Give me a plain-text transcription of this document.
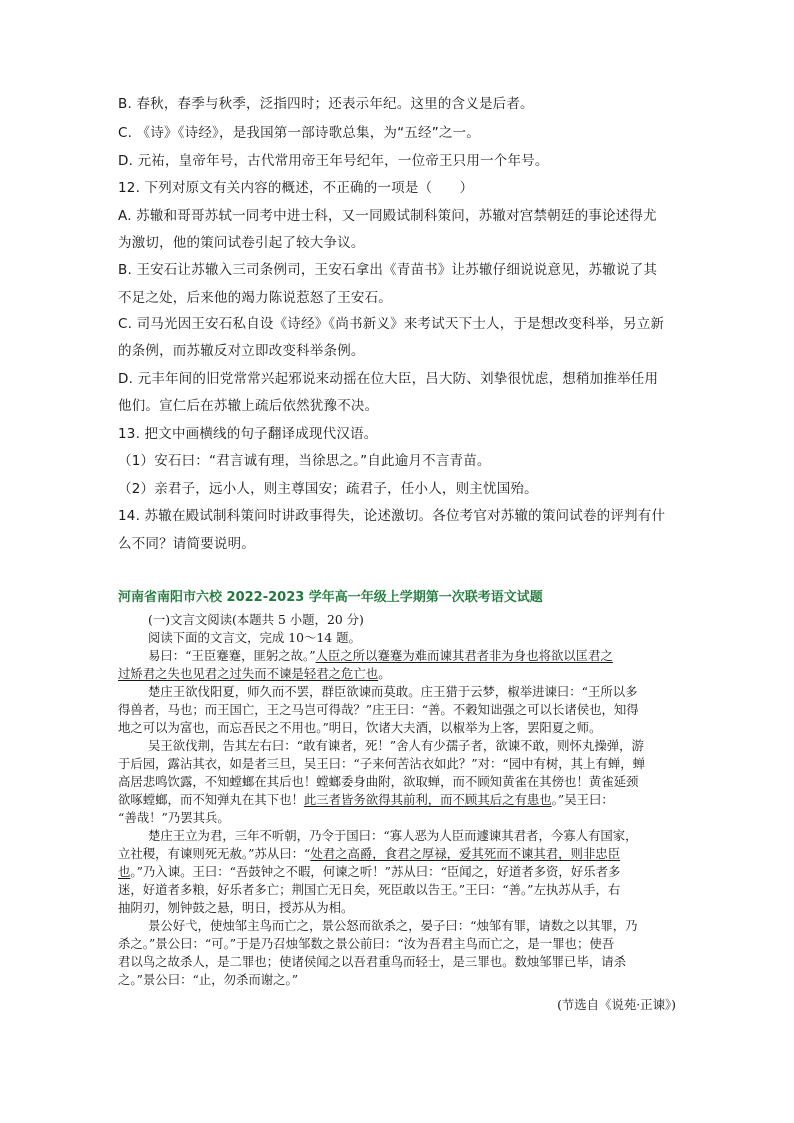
B. 春秋，春季与秋季，泛指四时；还表示年纪。这里的含义是后者。
C. 《诗》《诗经》，是我国第一部诗歌总集，为“五经”之一。
D. 元祐，皇帝年号，古代常用帝王年号纪年，一位帝王只用一个年号。
12. 下列对原文有关内容的概述，不正确的一项是（　　）
A. 苏辙和哥哥苏轼一同考中进士科，又一同殿试制科策问，苏辙对宫禁朝廷的事论述得尤
为激切，他的策问试卷引起了较大争议。
B. 王安石让苏辙入三司条例司，王安石拿出《青苗书》让苏辙仔细说说意见，苏辙说了其
不足之处，后来他的竭力陈说惹怒了王安石。
C. 司马光因王安石私自设《诗经》《尚书新义》来考试天下士人，于是想改变科举，另立新
的条例，而苏辙反对立即改变科举条例。
D. 元丰年间的旧党常常兴起邪说来动摇在位大臣，吕大防、刘挚很忧虑，想稍加推举任用
他们。宣仁后在苏辙上疏后依然犹豫不决。
13. 把文中画横线的句子翻译成现代汉语。
（1）安石曰：“君言诚有理，当徐思之。”自此逾月不言青苗。
（2）亲君子，远小人，则主尊国安；疏君子，任小人，则主忧国殆。
14. 苏辙在殿试制科策问时讲政事得失，论述激切。各位考官对苏辙的策问试卷的评判有什
么不同？请简要说明。
河南省南阳市六校 2022-2023 学年高一年级上学期第一次联考语文试题
(一)文言文阅读(本题共 5 小题，20 分)
阅读下面的文言文，完成 10～14 题。
易曰：“王臣蹇蹇，匪躬之故。”人臣之所以蹇蹇为难而谏其君者非为身也将欲以匡君之
过矫君之失也见君之过失而不谏是轻君之危亡也。
楚庄王欲伐阳夏，师久而不罢，群臣欲谏而莫敢。庄王猎于云梦，椒举进谏曰：“王所以多
得兽者，马也；而王国亡，王之马岂可得哉？”庄王曰：“善。不穀知诎强之可以长诸侯也，知得
地之可以为富也，而忘吾民之不用也。”明日，饮诸大夫酒，以椒举为上客，罢阳夏之师。
吴王欲伐荆，告其左右曰：“敢有谏者，死！”舍人有少孺子者，欲谏不敢，则怀丸操弹，游
于后园，露沾其衣，如是者三旦，吴王曰：“子来何苦沾衣如此？”对：“园中有树，其上有蝉，蝉
高居悲鸣饮露，不知螳螂在其后也！螳螂委身曲附，欲取蝉，而不顾知黄雀在其傍也！黄雀延颈
欲啄螳螂，而不知弹丸在其下也！此三者皆务欲得其前利，而不顾其后之有患也。”吴王曰：
“善哉！”乃罢其兵。
楚庄王立为君，三年不听朝，乃令于国曰：“寡人恶为人臣而遽谏其君者，今寡人有国家，
立社稷，有谏则死无赦。”苏从曰：“处君之高爵，食君之厚禄，爱其死而不谏其君，则非忠臣
也。”乃入谏。王曰：“吾鼓钟之不暇，何谏之听！”苏从曰：“臣闻之，好道者多资，好乐者多
迷，好道者多粮，好乐者多亡；荆国亡无日矣，死臣敢以告王。”王曰：“善。”左执苏从手，右
抽阴刃，刎钟鼓之悬，明日，授苏从为相。
景公好弋，使烛邹主鸟而亡之，景公怒而欲杀之，晏子曰：“烛邹有罪，请数之以其罪，乃
杀之。”景公曰：“可。”于是乃召烛邹数之景公前曰：“汝为吾君主鸟而亡之，是一罪也；使吾
君以鸟之故杀人，是二罪也；使诸侯闻之以吾君重鸟而轻士，是三罪也。数烛邹罪已毕，请杀
之。”景公曰：“止，勿杀而谢之。”
(节选自《说苑·正谏》)
